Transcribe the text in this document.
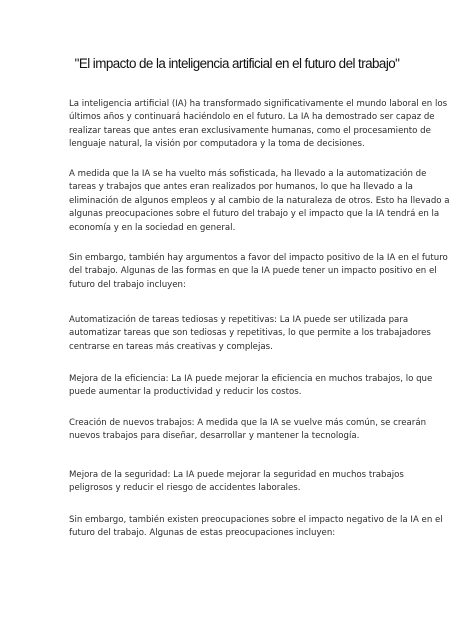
"El impacto de la inteligencia artificial en el futuro del trabajo"

La inteligencia artificial (IA) ha transformado significativamente el mundo laboral en los
últimos años y continuará haciéndolo en el futuro. La IA ha demostrado ser capaz de
realizar tareas que antes eran exclusivamente humanas, como el procesamiento de
lenguaje natural, la visión por computadora y la toma de decisiones.

A medida que la IA se ha vuelto más sofisticada, ha llevado a la automatización de
tareas y trabajos que antes eran realizados por humanos, lo que ha llevado a la
eliminación de algunos empleos y al cambio de la naturaleza de otros. Esto ha llevado a
algunas preocupaciones sobre el futuro del trabajo y el impacto que la IA tendrá en la
economía y en la sociedad en general.

Sin embargo, también hay argumentos a favor del impacto positivo de la IA en el futuro
del trabajo. Algunas de las formas en que la IA puede tener un impacto positivo en el
futuro del trabajo incluyen:

Automatización de tareas tediosas y repetitivas: La IA puede ser utilizada para
automatizar tareas que son tediosas y repetitivas, lo que permite a los trabajadores
centrarse en tareas más creativas y complejas.

Mejora de la eficiencia: La IA puede mejorar la eficiencia en muchos trabajos, lo que
puede aumentar la productividad y reducir los costos.

Creación de nuevos trabajos: A medida que la IA se vuelve más común, se crearán
nuevos trabajos para diseñar, desarrollar y mantener la tecnología.

Mejora de la seguridad: La IA puede mejorar la seguridad en muchos trabajos
peligrosos y reducir el riesgo de accidentes laborales.

Sin embargo, también existen preocupaciones sobre el impacto negativo de la IA en el
futuro del trabajo. Algunas de estas preocupaciones incluyen:
